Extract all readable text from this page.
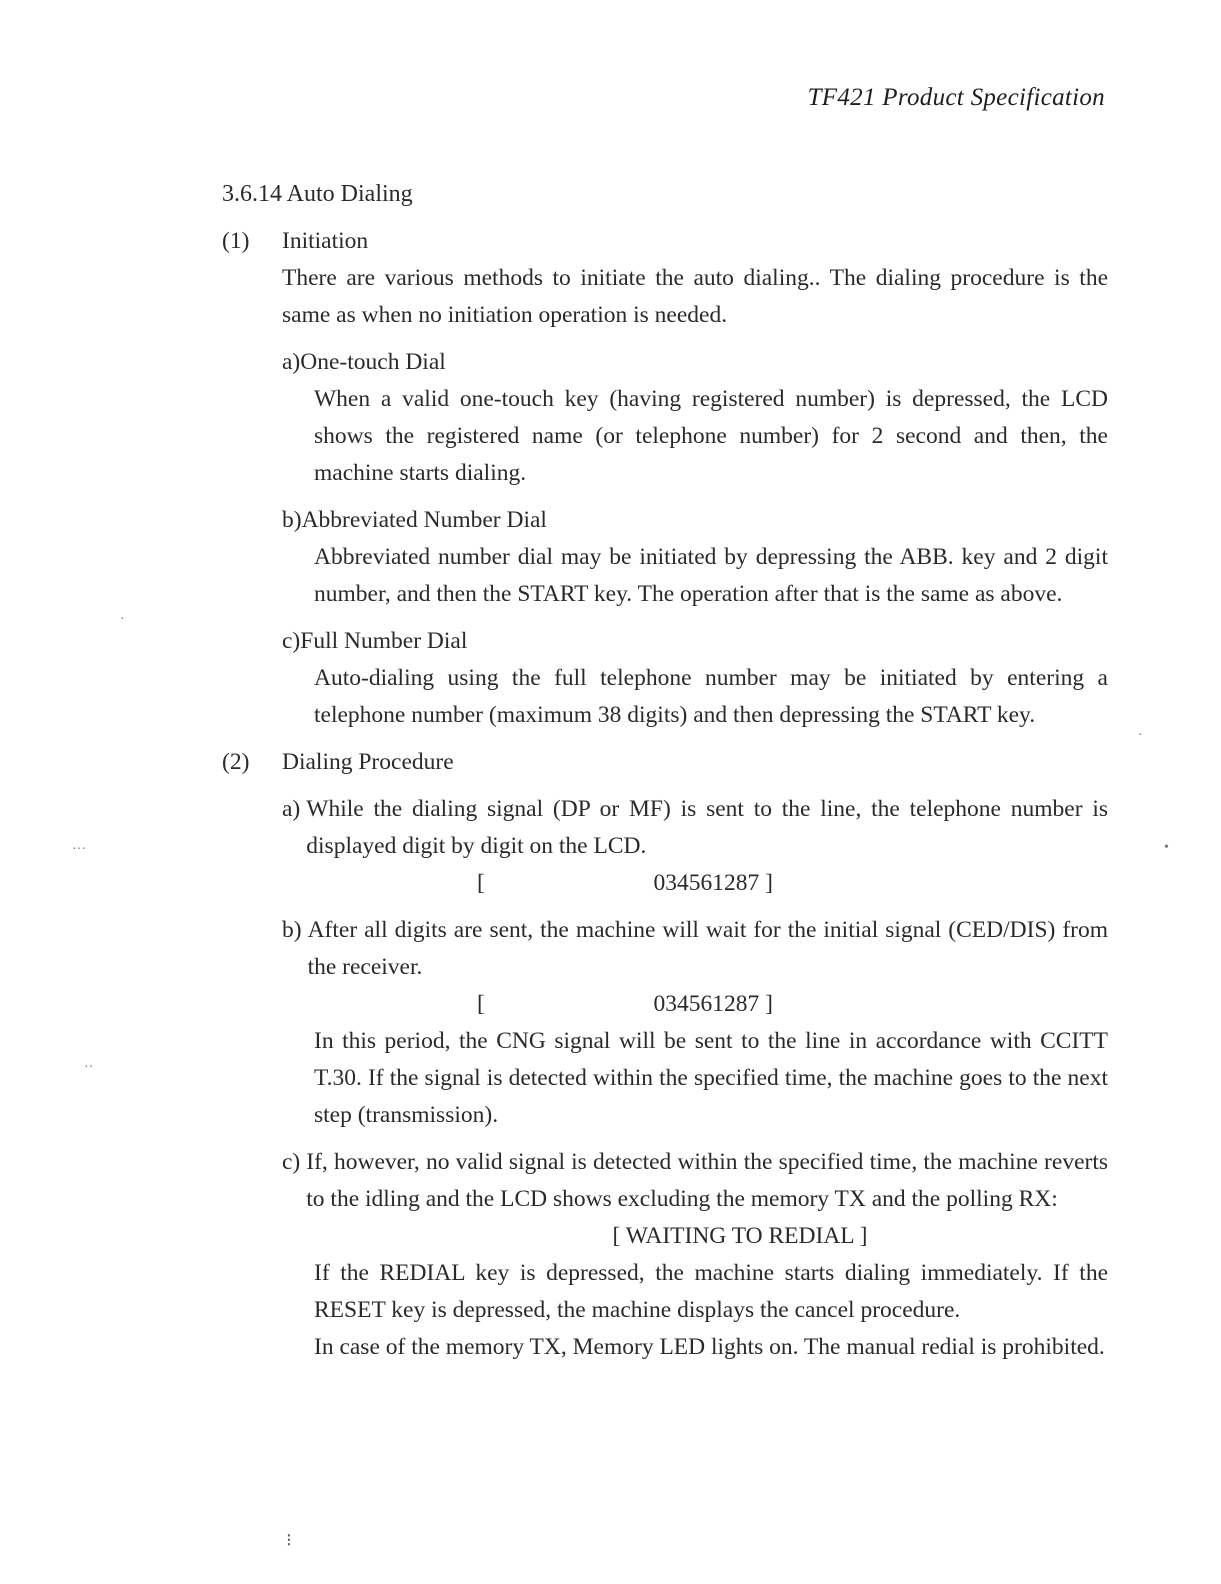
TF421 Product Specification
3.6.14 Auto Dialing
(1)	Initiation
There are various methods to initiate the auto dialing.. The dialing procedure is the same as when no initiation operation is needed.
a) One-touch Dial
When a valid one-touch key (having registered number) is depressed, the LCD shows the registered name (or telephone number) for 2 second and then, the machine starts dialing.
b) Abbreviated Number Dial
Abbreviated number dial may be initiated by depressing the ABB. key and 2 digit number, and then the START key. The operation after that is the same as above.
c) Full Number Dial
Auto-dialing using the full telephone number may be initiated by entering a telephone number (maximum 38 digits) and then depressing the START key.
(2)	Dialing Procedure
a) While the dialing signal (DP or MF) is sent to the line, the telephone number is displayed digit by digit on the LCD.
[	034561287 ]
b) After all digits are sent, the machine will wait for the initial signal (CED/DIS) from the receiver.
[	034561287 ]
In this period, the CNG signal will be sent to the line in accordance with CCITT T.30. If the signal is detected within the specified time, the machine goes to the next step (transmission).
c) If, however, no valid signal is detected within the specified time, the machine reverts to the idling and the LCD shows excluding the memory TX and the polling RX:
[ WAITING TO REDIAL ]
If the REDIAL key is depressed, the machine starts dialing immediately. If the RESET key is depressed, the machine displays the cancel procedure.
In case of the memory TX, Memory LED lights on. The manual redial is prohibited.
·
···
··
•
·
⁝
